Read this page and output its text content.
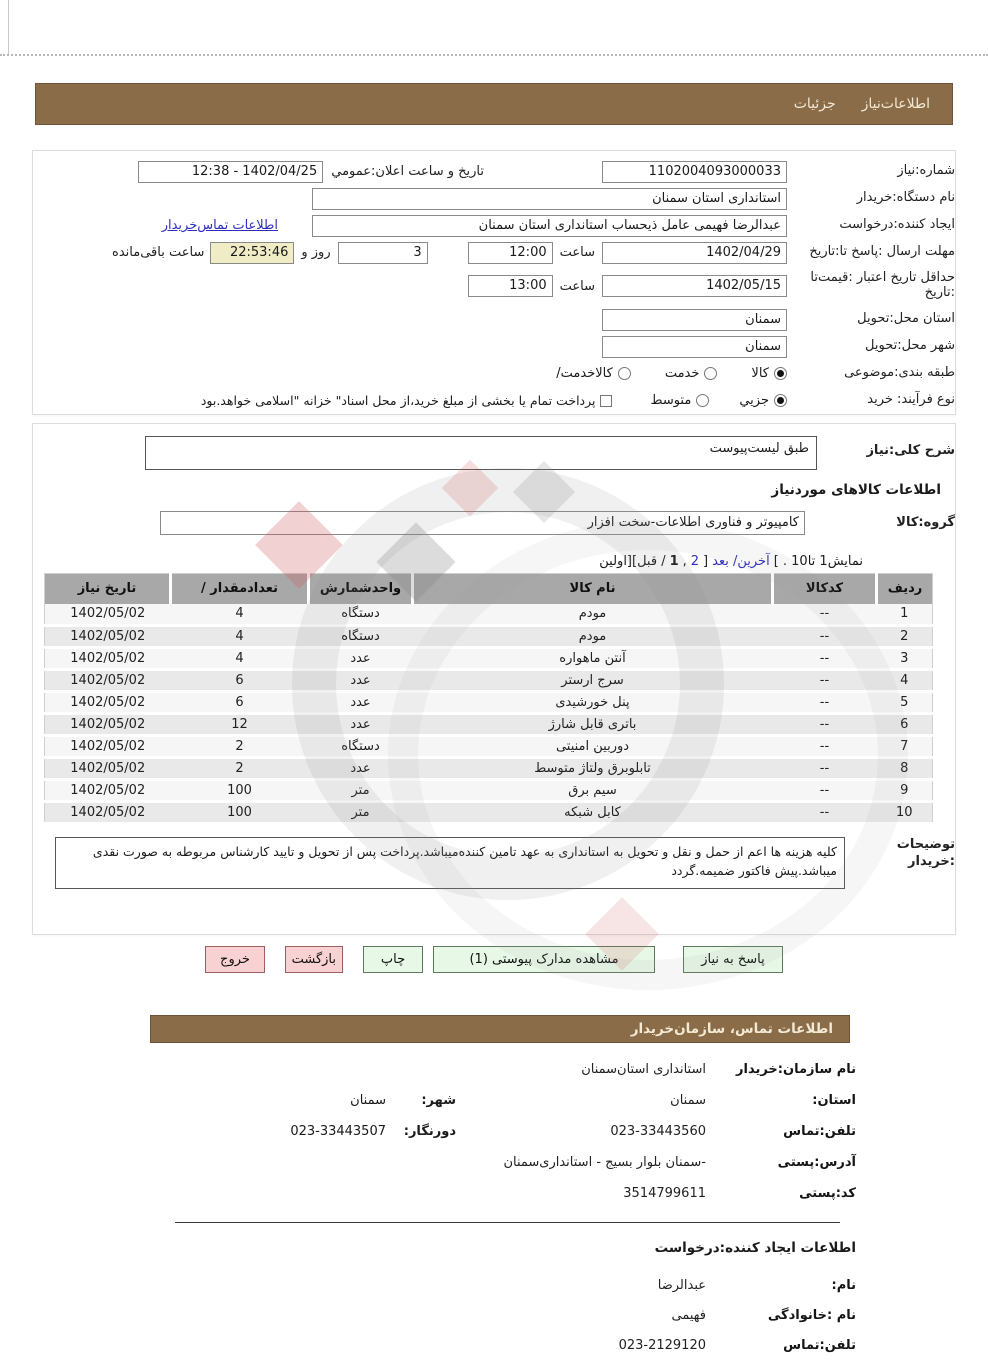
اطلاعات‌نیاز
جزئیات
شماره:نیاز
1102004093000033
تاریخ و ساعت اعلان:عمومي
12:38 - 1402/04/25
نام دستگاه:خریدار
استانداری استان سمنان
ایجاد کننده:درخواست
عبدالرضا فهیمی عامل ذیحساب استانداری استان سمنان
اطلاعات تماس‌خریدار
مهلت ارسال :پاسخ تا:تاریخ
1402/04/29
ساعت
12:00
3
روز و
22:53:46
ساعت باقی‌مانده
حداقل تاریخ اعتبار :قیمت‌تا :تاریخ
1402/05/15
ساعت
13:00
استان محل:تحویل
سمنان
شهر محل:تحویل
سمنان
طبقه بندی:موضوعی
کالا
خدمت
کالاخدمت/
نوع فرآیند: خرید
جزیي
متوسط
پرداخت تمام یا بخشی از مبلغ خرید،از محل اسناد" خزانه "اسلامی خواهد.بود
شرح کلی:نیاز
طبق لیست‌پیوست
اطلاعات کالاهای موردنیاز
گروه:کالا
کامپیوتر و فناوری اطلاعات-سخت افزار
نمایش1 تا10 . ]
آخرین/ بعد
[
2
,
1
/ قبل][اولین
ردیف	کدکالا	نام کالا	واحدشمارش	تعدادمقدار /	تاریخ نیاز
1	--	مودم	دستگاه	4	1402/05/02
2	--	مودم	دستگاه	4	1402/05/02
3	--	آنتن ماهواره	عدد	4	1402/05/02
4	--	سرج ارستر	عدد	6	1402/05/02
5	--	پنل خورشیدی	عدد	6	1402/05/02
6	--	باتری قابل شارژ	عدد	12	1402/05/02
7	--	دوربین امنیتی	دستگاه	2	1402/05/02
8	--	تابلوبرق ولتاژ متوسط	عدد	2	1402/05/02
9	--	سیم برق	متر	100	1402/05/02
10	--	کابل شبکه	متر	100	1402/05/02
توضیحات
:خریدار
کلیه هزینه ها اعم از حمل و نقل و تحویل به استانداری به عهد تامین کننده‌میباشد.پرداخت پس از تحویل و تایید کارشناس مربوطه به صورت نقدی میباشد.پیش فاکتور ضمیمه.گردد
پاسخ به نیاز
مشاهده مدارک پیوستی (1)
چاپ
بازگشت
خروج
اطلاعات تماس، سازمان‌خریدار
نام سازمان:خریدار
استانداری استان‌سمنان
استان:
سمنان
شهر:
سمنان
تلفن:تماس
023-33443560
دورنگار:
023-33443507
آدرس:پستی
-سمنان بلوار بسیج - استانداری‌سمنان
کد:پستی
3514799611
اطلاعات ایجاد کننده:درخواست
نام:
عبدالرضا
نام :خانوادگی
فهیمی
تلفن:تماس
023-2129120
